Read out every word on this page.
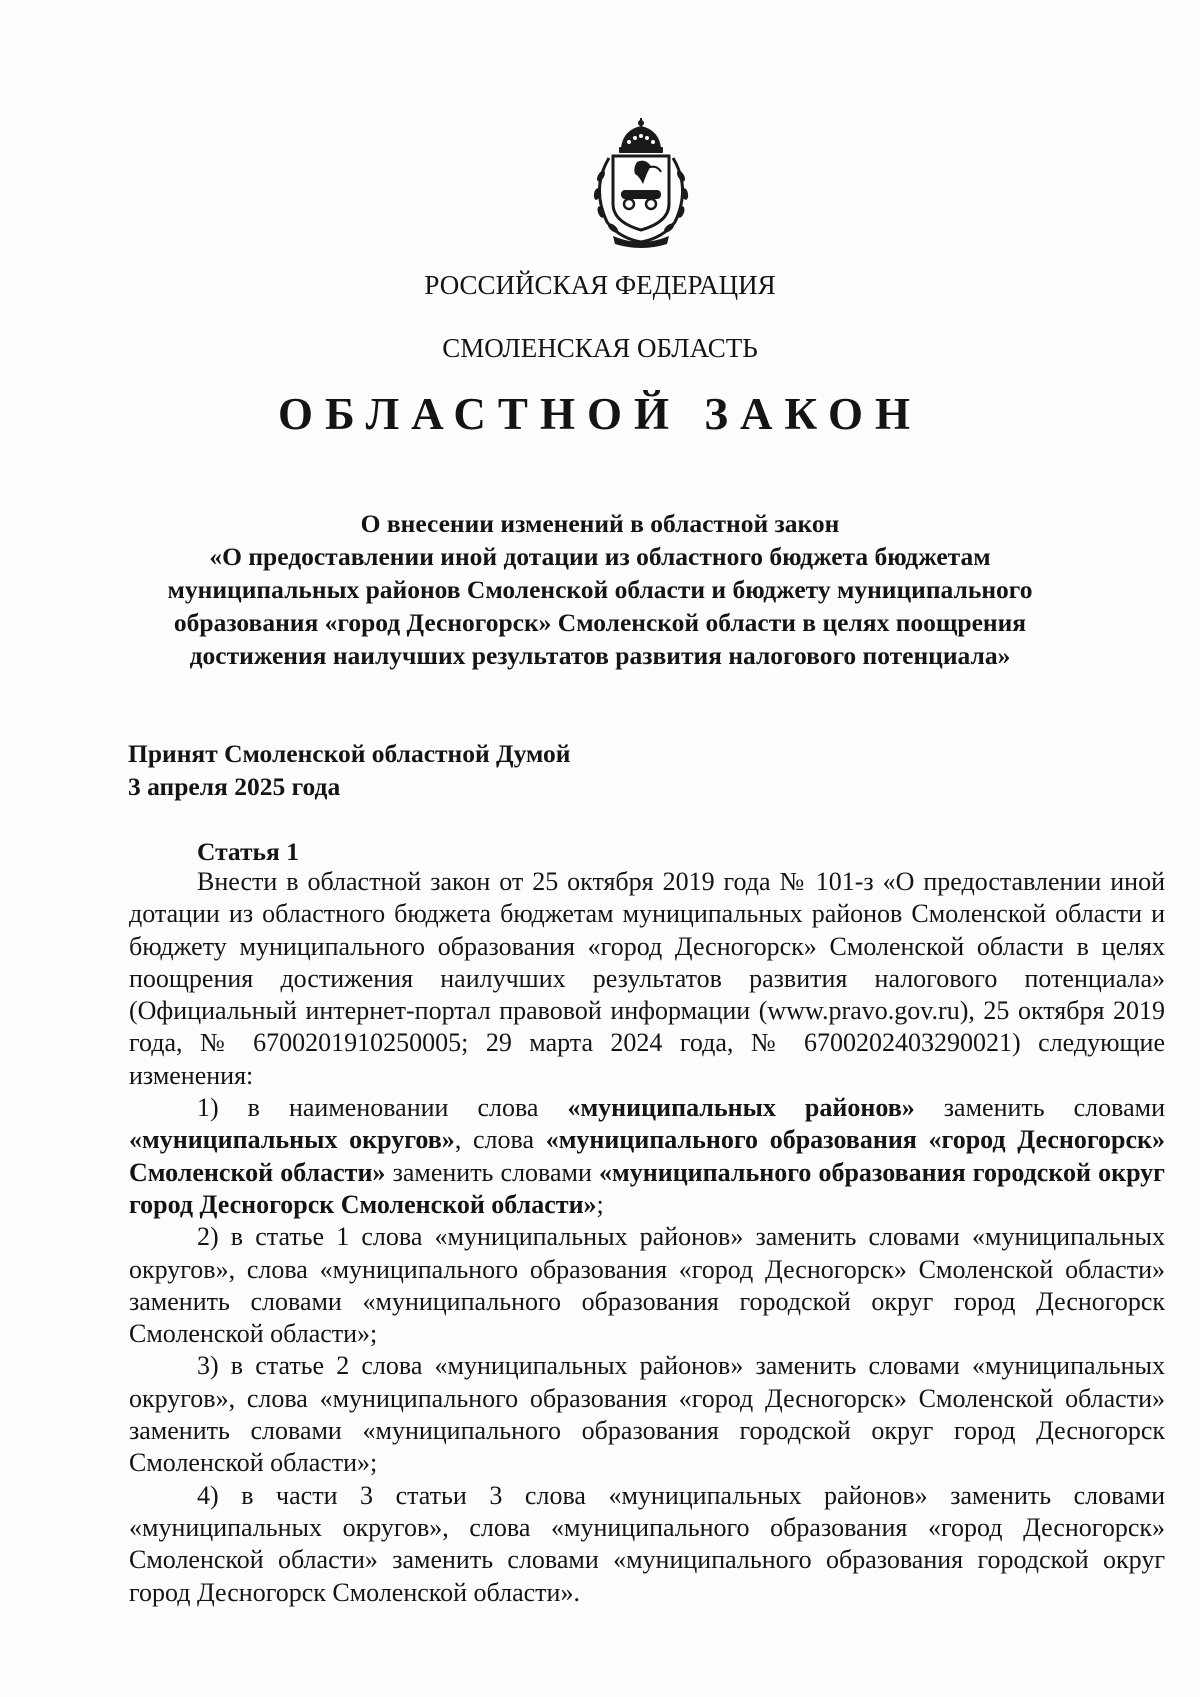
РОССИЙСКАЯ ФЕДЕРАЦИЯ
СМОЛЕНСКАЯ ОБЛАСТЬ
ОБЛАСТНОЙ ЗАКОН
О внесении изменений в областной закон
«О предоставлении иной дотации из областного бюджета бюджетам
муниципальных районов Смоленской области и бюджету муниципального
образования «город Десногорск» Смоленской области в целях поощрения
достижения наилучших результатов развития налогового потенциала»
Принят Смоленской областной Думой
3 апреля 2025 года
Статья 1

Внести в областной закон от 25 октября 2019 года № 101-з «О предоставлении иной дотации из областного бюджета бюджетам муниципальных районов Смоленской области и бюджету муниципального образования «город Десногорск» Смоленской области в целях поощрения достижения наилучших результатов развития налогового потенциала» (Официальный интернет-портал правовой информации (www.pravo.gov.ru), 25 октября 2019 года, № 6700201910250005; 29 марта 2024 года, № 6700202403290021) следующие изменения:

1) в наименовании слова «муниципальных районов» заменить словами «муниципальных округов», слова «муниципального образования «город Десногорск» Смоленской области» заменить словами «муниципального образования городской округ город Десногорск Смоленской области»;

2) в статье 1 слова «муниципальных районов» заменить словами «муниципальных округов», слова «муниципального образования «город Десногорск» Смоленской области» заменить словами «муниципального образования городской округ город Десногорск Смоленской области»;

3) в статье 2 слова «муниципальных районов» заменить словами «муниципальных округов», слова «муниципального образования «город Десногорск» Смоленской области» заменить словами «муниципального образования городской округ город Десногорск Смоленской области»;

4) в части 3 статьи 3 слова «муниципальных районов» заменить словами «муниципальных округов», слова «муниципального образования «город Десногорск» Смоленской области» заменить словами «муниципального образования городской округ город Десногорск Смоленской области».
